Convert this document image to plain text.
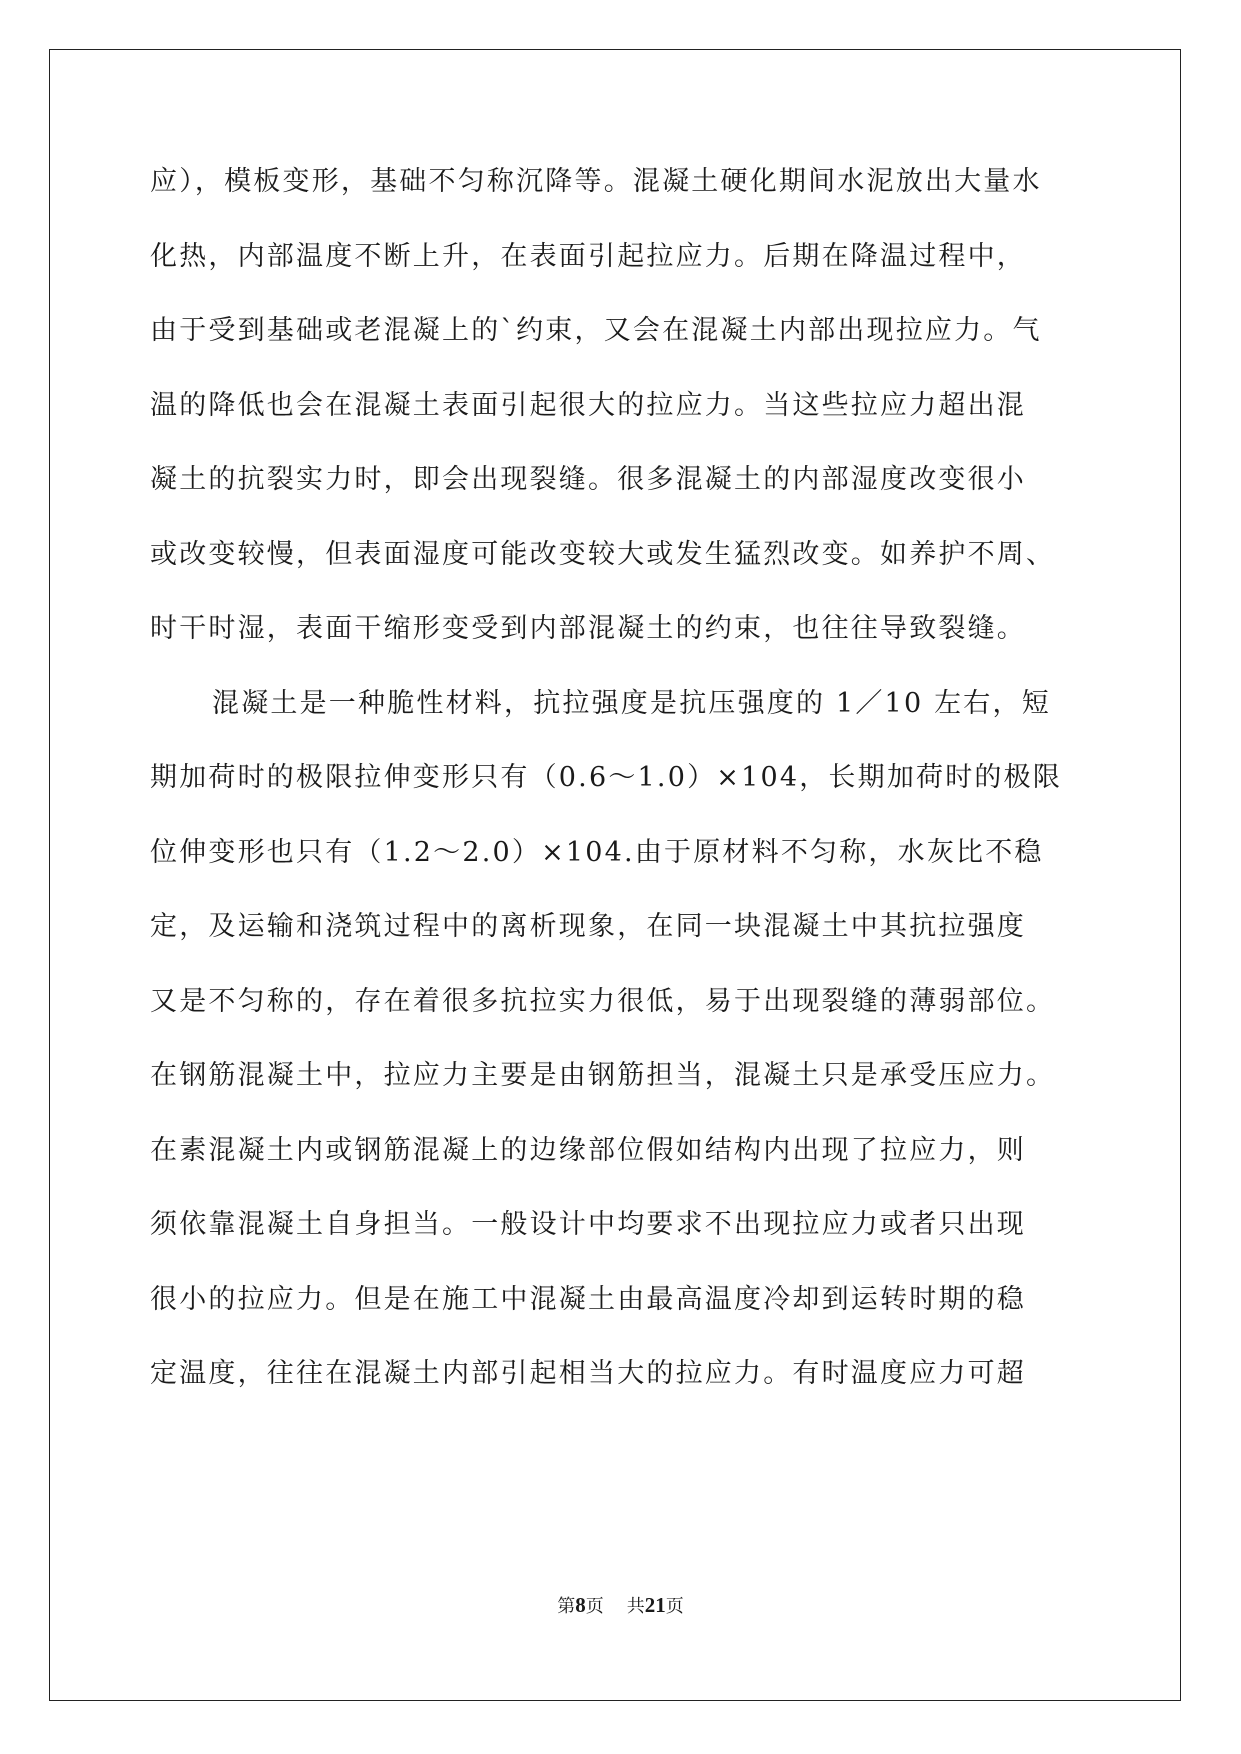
应），模板变形，基础不匀称沉降等。混凝土硬化期间水泥放出大量水
化热，内部温度不断上升，在表面引起拉应力。后期在降温过程中，
由于受到基础或老混凝上的`约束，又会在混凝土内部出现拉应力。气
温的降低也会在混凝土表面引起很大的拉应力。当这些拉应力超出混
凝土的抗裂实力时，即会出现裂缝。很多混凝土的内部湿度改变很小
或改变较慢，但表面湿度可能改变较大或发生猛烈改变。如养护不周、
时干时湿，表面干缩形变受到内部混凝土的约束，也往往导致裂缝。
混凝土是一种脆性材料，抗拉强度是抗压强度的 1／10 左右，短
期加荷时的极限拉伸变形只有（0.6～1.0）×104，长期加荷时的极限
位伸变形也只有（1.2～2.0）×104.由于原材料不匀称，水灰比不稳
定，及运输和浇筑过程中的离析现象，在同一块混凝土中其抗拉强度
又是不匀称的，存在着很多抗拉实力很低，易于出现裂缝的薄弱部位。
在钢筋混凝土中，拉应力主要是由钢筋担当，混凝土只是承受压应力。
在素混凝土内或钢筋混凝上的边缘部位假如结构内出现了拉应力，则
须依靠混凝土自身担当。一般设计中均要求不出现拉应力或者只出现
很小的拉应力。但是在施工中混凝土由最高温度冷却到运转时期的稳
定温度，往往在混凝土内部引起相当大的拉应力。有时温度应力可超
第8页 共21页
